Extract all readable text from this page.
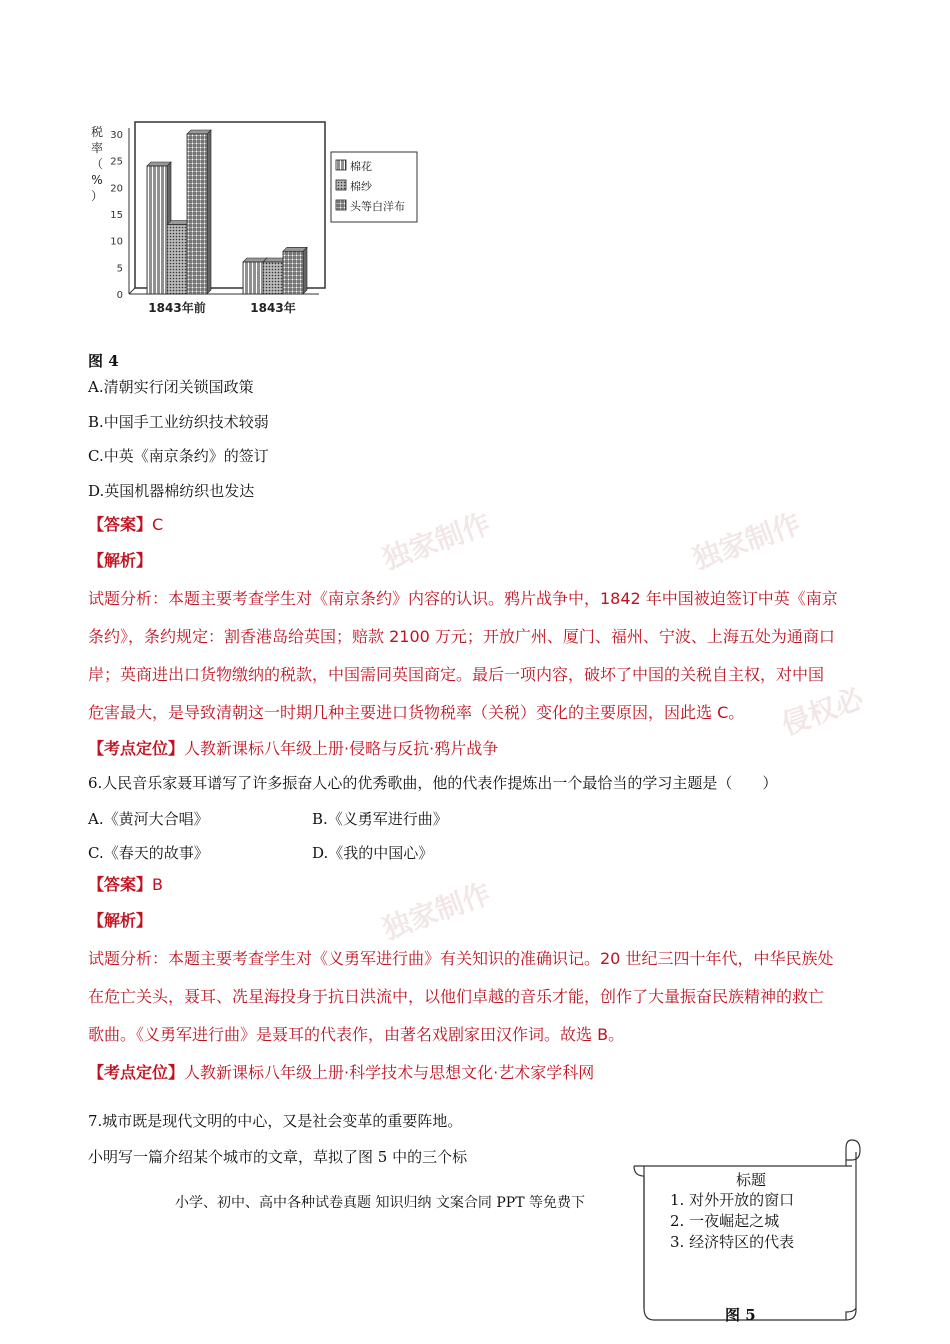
独家制作	独家制作
独家制作
侵权必
0
5
10
15
20
25
30
税
率
（
%
）
1843年前	1843年
棉花
棉纱
头等白洋布
图 4
A.清朝实行闭关锁国政策
B.中国手工业纺织技术较弱
C.中英《南京条约》的签订
D.英国机器棉纺织也发达
【答案】C
【解析】
试题分析：本题主要考查学生对《南京条约》内容的认识。鸦片战争中，1842 年中国被迫签订中英《南京
条约》，条约规定：割香港岛给英国；赔款 2100 万元；开放广州、厦门、福州、宁波、上海五处为通商口
岸；英商进出口货物缴纳的税款，中国需同英国商定。最后一项内容，破坏了中国的关税自主权，对中国
危害最大，是导致清朝这一时期几种主要进口货物税率（关税）变化的主要原因，因此选 C。
【考点定位】人教新课标八年级上册·侵略与反抗·鸦片战争
6.人民音乐家聂耳谱写了许多振奋人心的优秀歌曲，他的代表作提炼出一个最恰当的学习主题是（　　）
A.《黄河大合唱》	B.《义勇军进行曲》
C.《春天的故事》	D.《我的中国心》
【答案】B
【解析】
试题分析：本题主要考查学生对《义勇军进行曲》有关知识的准确识记。20 世纪三四十年代，中华民族处
在危亡关头，聂耳、冼星海投身于抗日洪流中，以他们卓越的音乐才能，创作了大量振奋民族精神的救亡
歌曲。《义勇军进行曲》是聂耳的代表作，由著名戏剧家田汉作词。故选 B。
【考点定位】人教新课标八年级上册·科学技术与思想文化·艺术家学科网
7.城市既是现代文明的中心，又是社会变革的重要阵地。
小明写一篇介绍某个城市的文章，草拟了图 5 中的三个标
小学、初中、高中各种试卷真题 知识归纳 文案合同 PPT 等免费下
标题
1. 对外开放的窗口
2. 一夜崛起之城
3. 经济特区的代表
图 5
